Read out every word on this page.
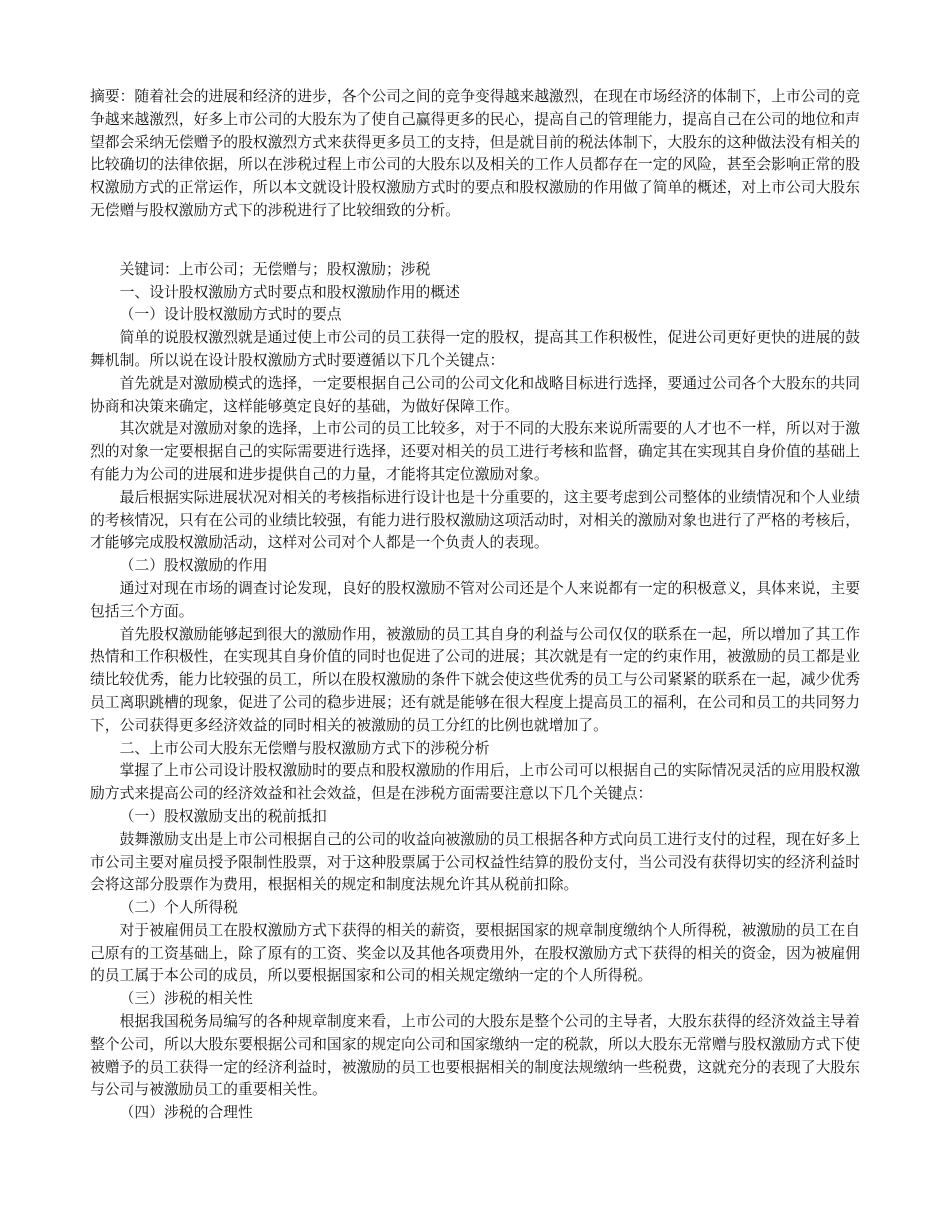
摘要：随着社会的进展和经济的进步，各个公司之间的竞争变得越来越激烈，在现在市场经济的体制下，上市公司的竞争越来越激烈，好多上市公司的大股东为了使自己赢得更多的民心，提高自己的管理能力，提高自己在公司的地位和声望都会采纳无偿赠予的股权激烈方式来获得更多员工的支持，但是就目前的税法体制下，大股东的这种做法没有相关的比较确切的法律依据，所以在涉税过程上市公司的大股东以及相关的工作人员都存在一定的风险，甚至会影响正常的股权激励方式的正常运作，所以本文就设计股权激励方式时的要点和股权激励的作用做了简单的概述，对上市公司大股东无偿赠与股权激励方式下的涉税进行了比较细致的分析。

关键词：上市公司；无偿赠与；股权激励；涉税

一、设计股权激励方式时要点和股权激励作用的概述

（一）设计股权激励方式时的要点

简单的说股权激烈就是通过使上市公司的员工获得一定的股权，提高其工作积极性，促进公司更好更快的进展的鼓舞机制。所以说在设计股权激励方式时要遵循以下几个关键点：

首先就是对激励模式的选择，一定要根据自己公司的公司文化和战略目标进行选择，要通过公司各个大股东的共同协商和决策来确定，这样能够奠定良好的基础，为做好保障工作。

其次就是对激励对象的选择，上市公司的员工比较多，对于不同的大股东来说所需要的人才也不一样，所以对于激烈的对象一定要根据自己的实际需要进行选择，还要对相关的员工进行考核和监督，确定其在实现其自身价值的基础上有能力为公司的进展和进步提供自己的力量，才能将其定位激励对象。

最后根据实际进展状况对相关的考核指标进行设计也是十分重要的，这主要考虑到公司整体的业绩情况和个人业绩的考核情况，只有在公司的业绩比较强，有能力进行股权激励这项活动时，对相关的激励对象也进行了严格的考核后，才能够完成股权激励活动，这样对公司对个人都是一个负责人的表现。

（二）股权激励的作用

通过对现在市场的调查讨论发现，良好的股权激励不管对公司还是个人来说都有一定的积极意义，具体来说，主要包括三个方面。

首先股权激励能够起到很大的激励作用，被激励的员工其自身的利益与公司仅仅的联系在一起，所以增加了其工作热情和工作积极性，在实现其自身价值的同时也促进了公司的进展；其次就是有一定的约束作用，被激励的员工都是业绩比较优秀，能力比较强的员工，所以在股权激励的条件下就会使这些优秀的员工与公司紧紧的联系在一起，减少优秀员工离职跳槽的现象，促进了公司的稳步进展；还有就是能够在很大程度上提高员工的福利，在公司和员工的共同努力下，公司获得更多经济效益的同时相关的被激励的员工分红的比例也就增加了。

二、上市公司大股东无偿赠与股权激励方式下的涉税分析

掌握了上市公司设计股权激励时的要点和股权激励的作用后，上市公司可以根据自己的实际情况灵活的应用股权激励方式来提高公司的经济效益和社会效益，但是在涉税方面需要注意以下几个关键点：

（一）股权激励支出的税前抵扣

鼓舞激励支出是上市公司根据自己的公司的收益向被激励的员工根据各种方式向员工进行支付的过程，现在好多上市公司主要对雇员授予限制性股票，对于这种股票属于公司权益性结算的股份支付，当公司没有获得切实的经济利益时会将这部分股票作为费用，根据相关的规定和制度法规允许其从税前扣除。

（二）个人所得税

对于被雇佣员工在股权激励方式下获得的相关的薪资，要根据国家的规章制度缴纳个人所得税，被激励的员工在自己原有的工资基础上，除了原有的工资、奖金以及其他各项费用外，在股权激励方式下获得的相关的资金，因为被雇佣的员工属于本公司的成员，所以要根据国家和公司的相关规定缴纳一定的个人所得税。

（三）涉税的相关性

根据我国税务局编写的各种规章制度来看，上市公司的大股东是整个公司的主导者，大股东获得的经济效益主导着整个公司，所以大股东要根据公司和国家的规定向公司和国家缴纳一定的税款，所以大股东无常赠与股权激励方式下使被赠予的员工获得一定的经济利益时，被激励的员工也要根据相关的制度法规缴纳一些税费，这就充分的表现了大股东与公司与被激励员工的重要相关性。

（四）涉税的合理性
